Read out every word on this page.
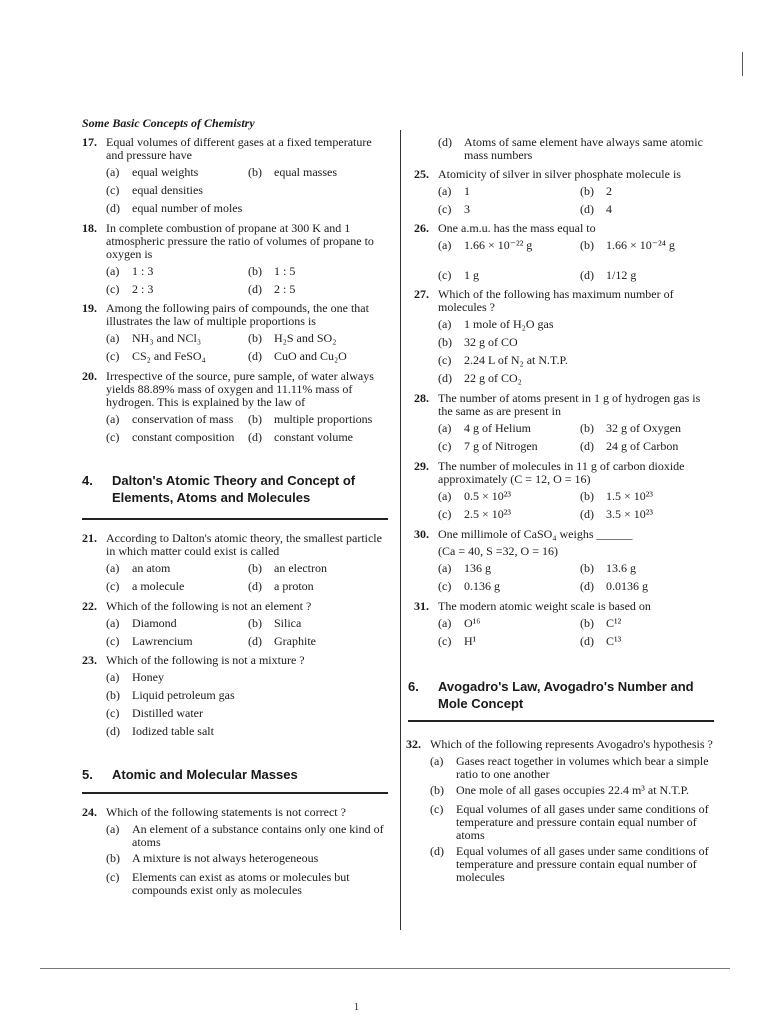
Some Basic Concepts of Chemistry
17. Equal volumes of different gases at a fixed temperature and pressure have
(a) equal weights	(b) equal masses
(c) equal densities
(d) equal number of moles
18. In complete combustion of propane at 300 K and 1 atmospheric pressure the ratio of volumes of propane to oxygen is
(a) 1 : 3	(b) 1 : 5
(c) 2 : 3	(d) 2 : 5
19. Among the following pairs of compounds, the one that illustrates the law of multiple proportions is
(a) NH₃ and NCl₃	(b) H₂S and SO₂
(c) CS₂ and FeSO₄	(d) CuO and Cu₂O
20. Irrespective of the source, pure sample, of water always yields 88.89% mass of oxygen and 11.11% mass of hydrogen. This is explained by the law of
(a) conservation of mass (b) multiple proportions
(c) constant composition (d) constant volume
4. Dalton's Atomic Theory and Concept of Elements, Atoms and Molecules
21. According to Dalton's atomic theory, the smallest particle in which matter could exist is called
(a) an atom	(b) an electron
(c) a molecule	(d) a proton
22. Which of the following is not an element ?
(a) Diamond	(b) Silica
(c) Lawrencium	(d) Graphite
23. Which of the following is not a mixture ?
(a) Honey
(b) Liquid petroleum gas
(c) Distilled water
(d) Iodized table salt
5. Atomic and Molecular Masses
24. Which of the following statements is not correct ?
(a) An element of a substance contains only one kind of atoms
(b) A mixture is not always heterogeneous
(c) Elements can exist as atoms or molecules but compounds exist only as molecules
(d) Atoms of same element have always same atomic mass numbers
25. Atomicity of silver in silver phosphate molecule is
(a) 1	(b) 2
(c) 3	(d) 4
26. One a.m.u. has the mass equal to
(a) 1.66 × 10⁻²² g	(b) 1.66 × 10⁻²⁴ g
(c) 1 g	(d) 1/12 g
27. Which of the following has maximum number of molecules ?
(a) 1 mole of H₂O gas
(b) 32 g of CO
(c) 2.24 L of N₂ at N.T.P.
(d) 22 g of CO₂
28. The number of atoms present in 1 g of hydrogen gas is the same as are present in
(a) 4 g of Helium	(b) 32 g of Oxygen
(c) 7 g of Nitrogen	(d) 24 g of Carbon
29. The number of molecules in 11 g of carbon dioxide approximately (C = 12, O = 16)
(a) 0.5 × 10²³	(b) 1.5 × 10²³
(c) 2.5 × 10²³	(d) 3.5 × 10²³
30. One millimole of CaSO₄ weighs ______
(Ca = 40, S =32, O = 16)
(a) 136 g	(b) 13.6 g
(c) 0.136 g	(d) 0.0136 g
31. The modern atomic weight scale is based on
(a) O¹⁶	(b) C¹²
(c) H¹	(d) C¹³
6. Avogadro's Law, Avogadro's Number and Mole Concept
32. Which of the following represents Avogadro's hypothesis ?
(a) Gases react together in volumes which bear a simple ratio to one another
(b) One mole of all gases occupies 22.4 m³ at N.T.P.
(c) Equal volumes of all gases under same conditions of temperature and pressure contain equal number of atoms
(d) Equal volumes of all gases under same conditions of temperature and pressure contain equal number of molecules
1
